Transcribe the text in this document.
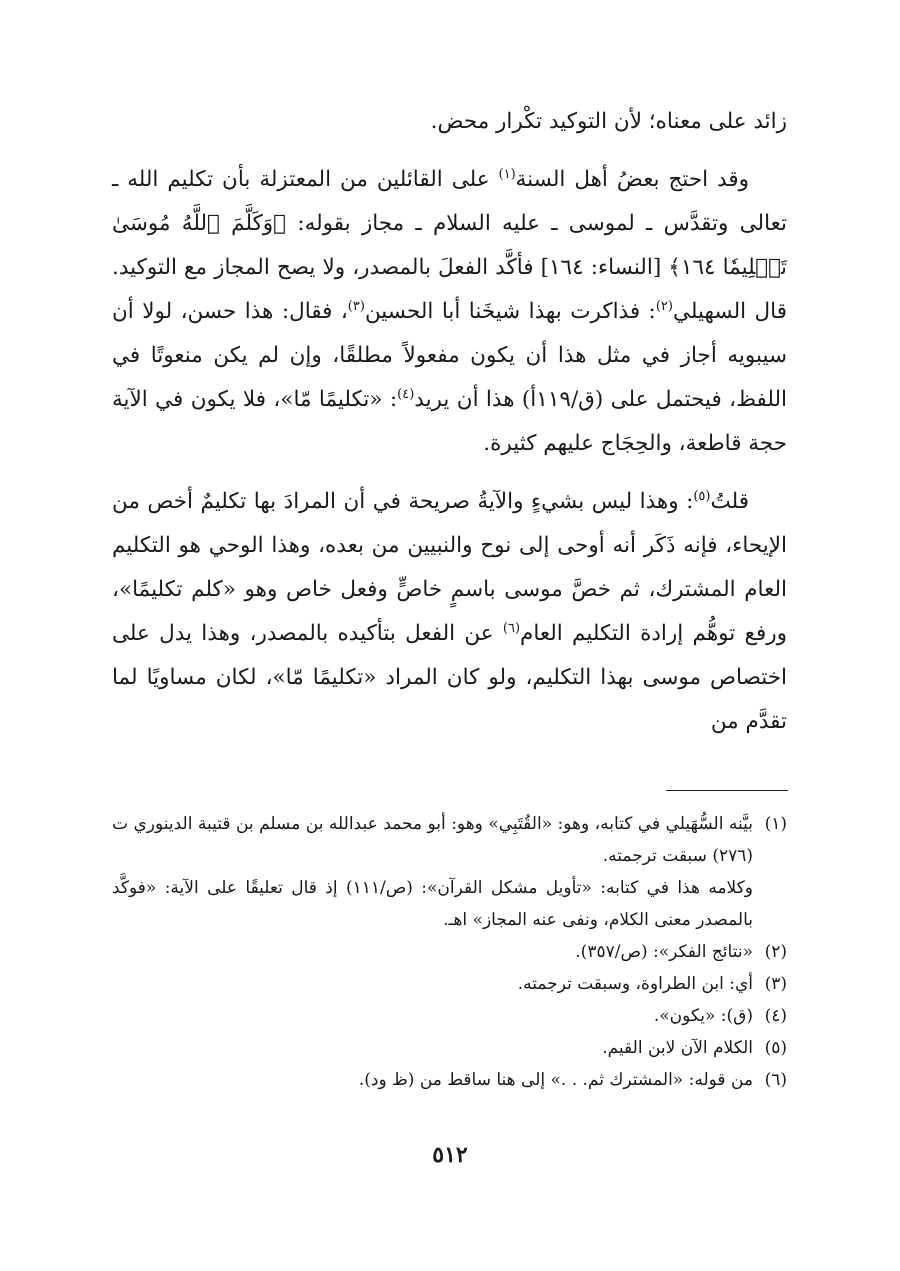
زائد على معناه؛ لأن التوكيد تكْرار محض.

وقد احتج بعضُ أهل السنة$^{(١)}$ على القائلين من المعتزلة بأن تكليم الله ـ تعالى وتقدَّس ـ لموسى ـ عليه السلام ـ مجاز بقوله: ﴿وَكَلَّمَ ٱللَّهُ مُوسَىٰ تَكۡلِيمٗا ١٦٤﴾ [النساء: ١٦٤] فأكَّد الفعلَ بالمصدر، ولا يصح المجاز مع التوكيد. قال السهيلي$^{(٢)}$: فذاكرت بهذا شيخَنا أبا الحسين$^{(٣)}$، فقال: هذا حسن، لولا أن سيبويه أجاز في مثل هذا أن يكون مفعولاً مطلقًا، وإن لم يكن منعوتًا في اللفظ، فيحتمل على (ق/١١٩أ) هذا أن يريد$^{(٤)}$: «تكليمًا مّا»، فلا يكون في الآية حجة قاطعة، والحِجَاج عليهم كثيرة.

قلتُ$^{(٥)}$: وهذا ليس بشيءٍ والآيةُ صريحة في أن المرادَ بها تكليمٌ أخص من الإيحاء، فإنه ذَكَر أنه أوحى إلى نوح والنبيين من بعده، وهذا الوحي هو التكليم العام المشترك، ثم خصَّ موسى باسمٍ خاصٍّ وفعل خاص وهو «كلم تكليمًا»، ورفع توهُّم إرادة التكليم العام$^{(٦)}$ عن الفعل بتأكيده بالمصدر، وهذا يدل على اختصاص موسى بهذا التكليم، ولو كان المراد «تكليمًا مّا»، لكان مساويًا لما تقدَّم من

(١)
بيَّنه السُّهَيلي في كتابه، وهو: «القُتَبِي» وهو: أبو محمد عبدالله بن مسلم بن قتيبة الدينوري ت (٢٧٦) سبقت ترجمته.
وكلامه هذا في كتابه: «تأويل مشكل القرآن»: (ص/١١١) إذ قال تعليقًا على الآية: «فوكَّد بالمصدر معنى الكلام، ونفى عنه المجاز» اهـ.
(٢)
«نتائج الفكر»: (ص/٣٥٧).
(٣)
أي: ابن الطراوة، وسبقت ترجمته.
(٤)
(ق): «يكون».
(٥)
الكلام الآن لابن القيم.
(٦)
من قوله: «المشترك ثم. . .» إلى هنا ساقط من (ظ ود).
٥١٢
